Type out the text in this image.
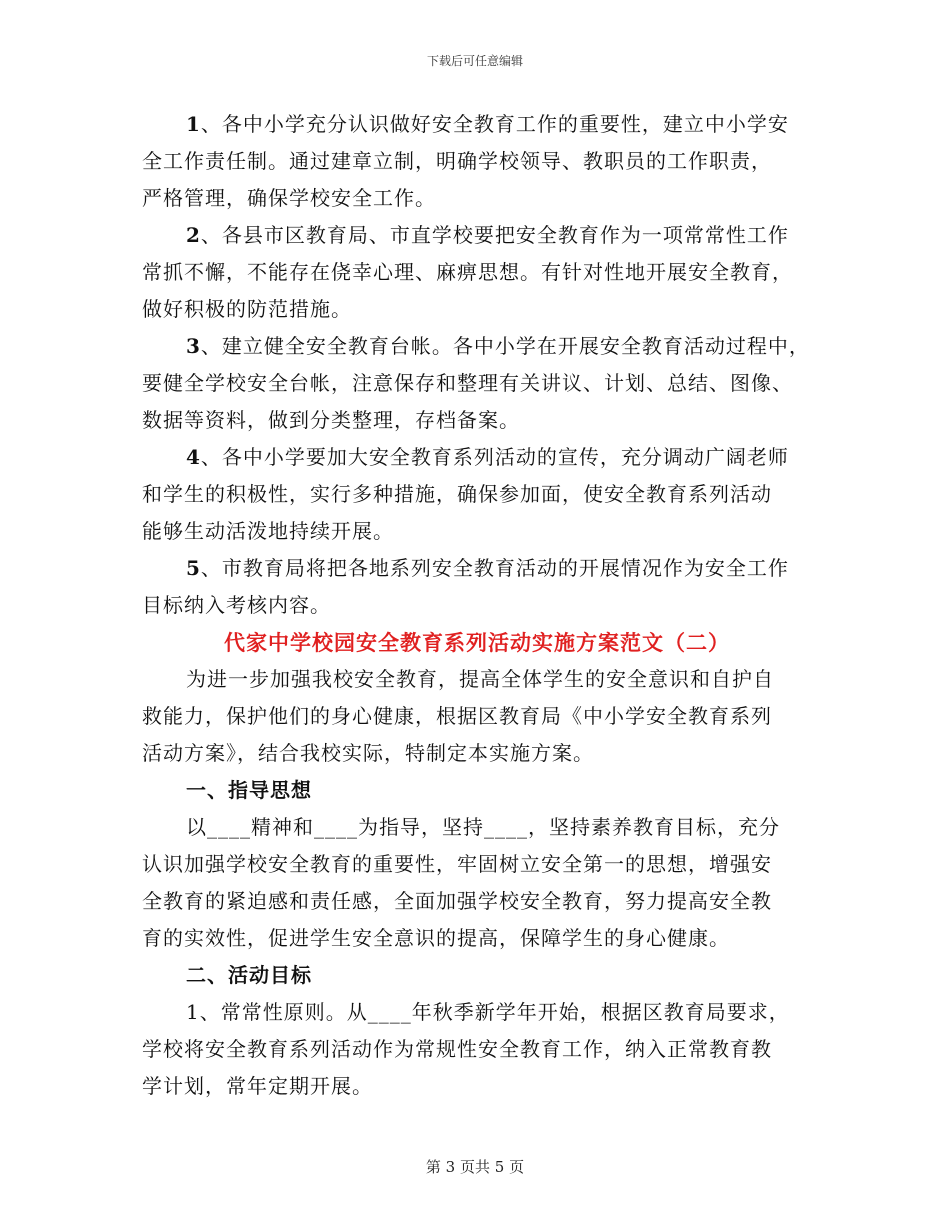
下载后可任意编辑

1、各中小学充分认识做好安全教育工作的重要性，建立中小学安
全工作责任制。通过建章立制，明确学校领导、教职员的工作职责，
严格管理，确保学校安全工作。

2、各县市区教育局、市直学校要把安全教育作为一项常常性工作
常抓不懈，不能存在侥幸心理、麻痹思想。有针对性地开展安全教育，
做好积极的防范措施。

3、建立健全安全教育台帐。各中小学在开展安全教育活动过程中，
要健全学校安全台帐，注意保存和整理有关讲议、计划、总结、图像、
数据等资料，做到分类整理，存档备案。

4、各中小学要加大安全教育系列活动的宣传，充分调动广阔老师
和学生的积极性，实行多种措施，确保参加面，使安全教育系列活动
能够生动活泼地持续开展。

5、市教育局将把各地系列安全教育活动的开展情况作为安全工作
目标纳入考核内容。

代家中学校园安全教育系列活动实施方案范文（二）

为进一步加强我校安全教育，提高全体学生的安全意识和自护自
救能力，保护他们的身心健康，根据区教育局《中小学安全教育系列
活动方案》，结合我校实际，特制定本实施方案。

一、指导思想

以____精神和____为指导，坚持____，坚持素养教育目标，充分
认识加强学校安全教育的重要性，牢固树立安全第一的思想，增强安
全教育的紧迫感和责任感，全面加强学校安全教育，努力提高安全教
育的实效性，促进学生安全意识的提高，保障学生的身心健康。

二、活动目标

1、常常性原则。从____年秋季新学年开始，根据区教育局要求，
学校将安全教育系列活动作为常规性安全教育工作，纳入正常教育教
学计划，常年定期开展。

第 3 页共 5 页
